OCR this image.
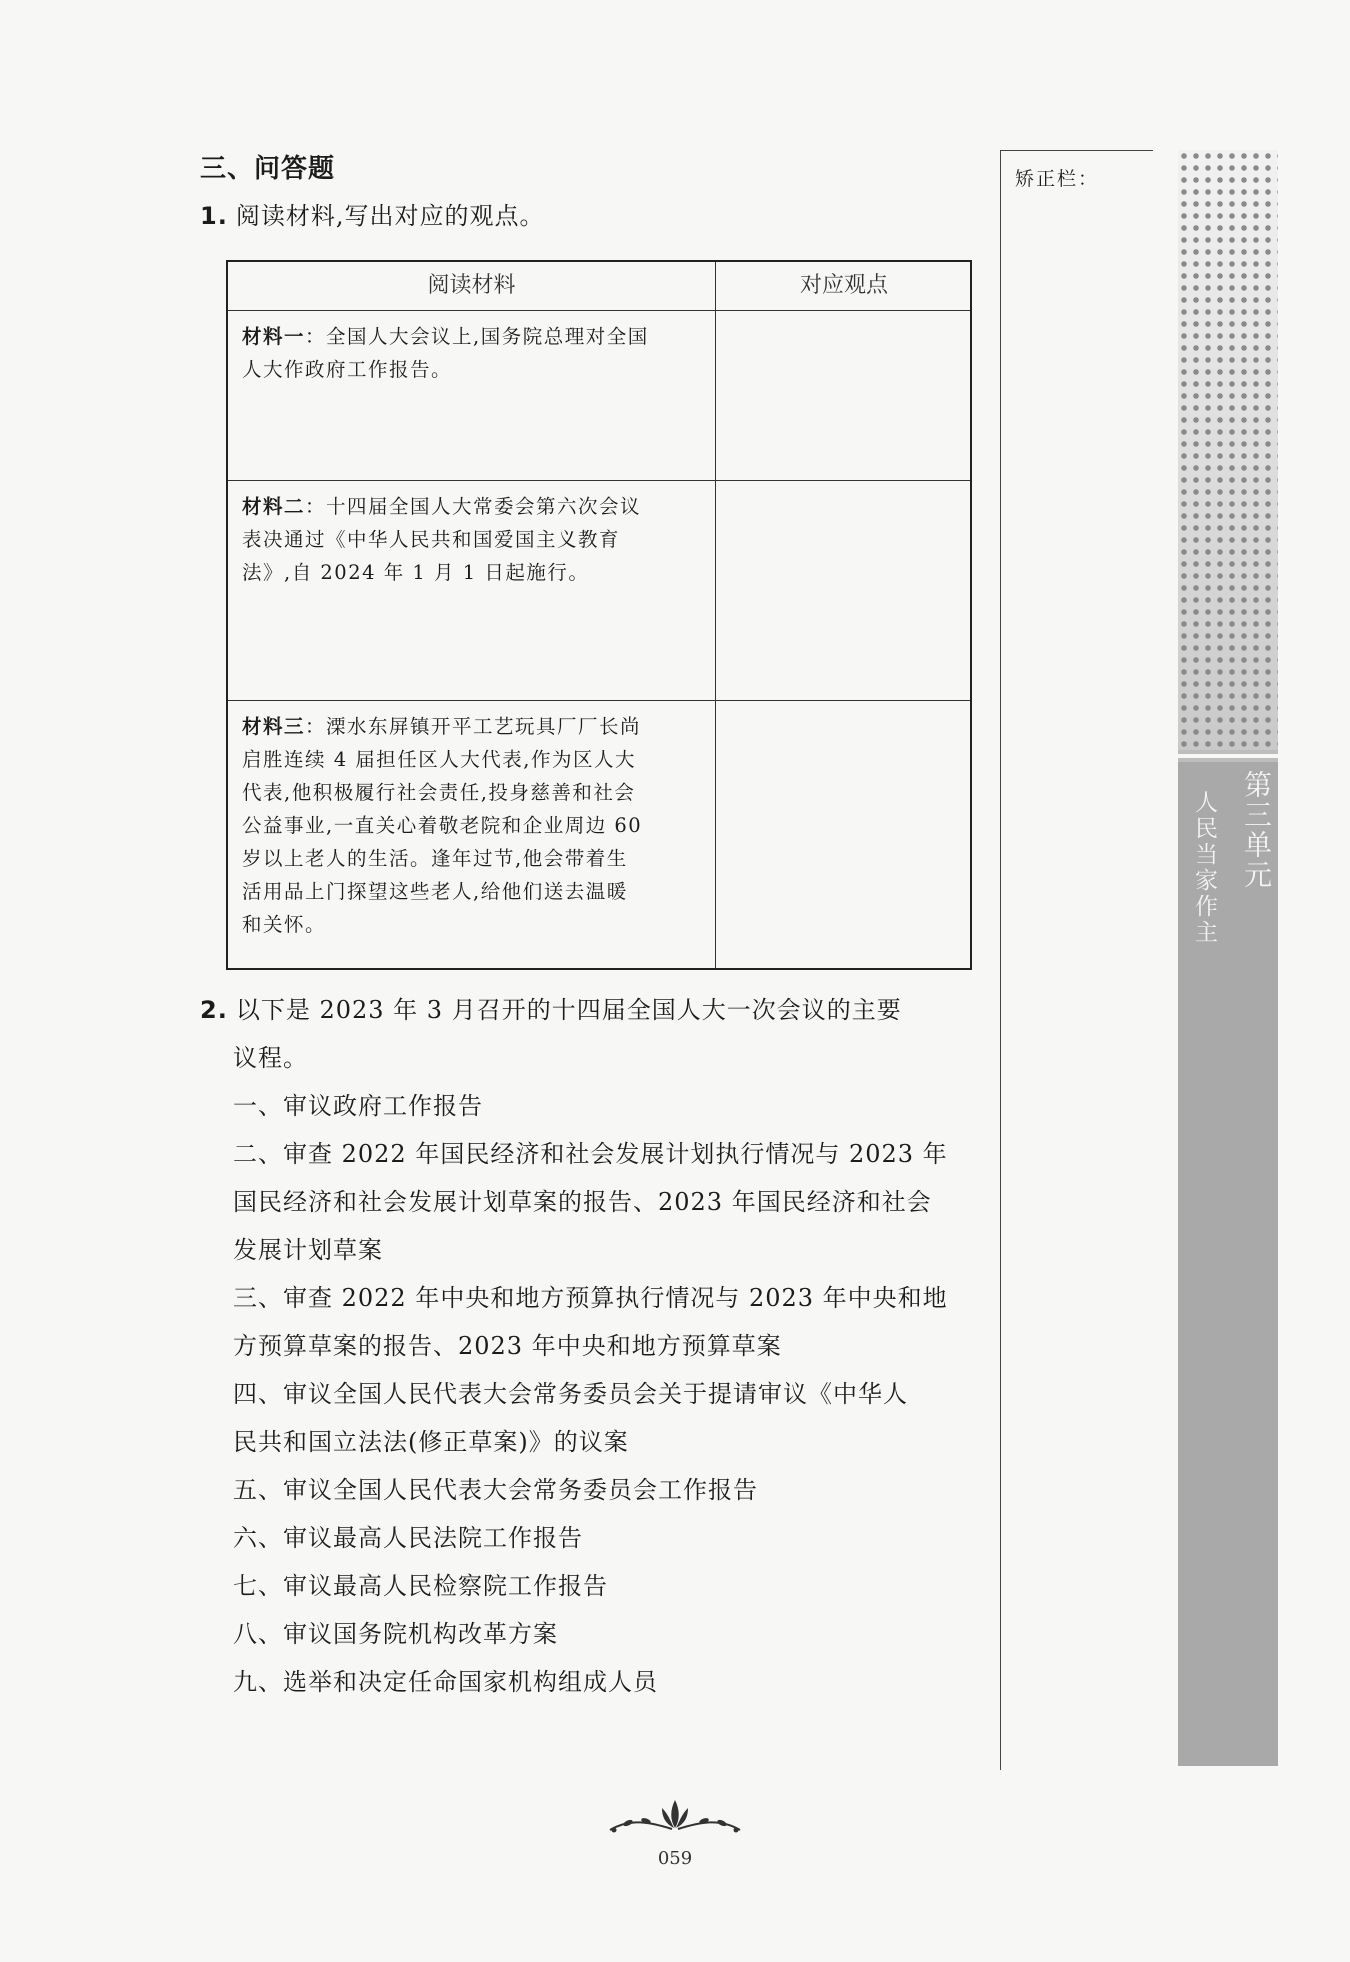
三、问答题
1. 阅读材料,写出对应的观点。
阅读材料	对应观点
材料一：全国人大会议上,国务院总理对全国
人大作政府工作报告。
材料二：十四届全国人大常委会第六次会议
表决通过《中华人民共和国爱国主义教育
法》,自 2024 年 1 月 1 日起施行。
材料三：溧水东屏镇开平工艺玩具厂厂长尚
启胜连续 4 届担任区人大代表,作为区人大
代表,他积极履行社会责任,投身慈善和社会
公益事业,一直关心着敬老院和企业周边 60
岁以上老人的生活。逢年过节,他会带着生
活用品上门探望这些老人,给他们送去温暖
和关怀。
2. 以下是 2023 年 3 月召开的十四届全国人大一次会议的主要
议程。
一、审议政府工作报告
二、审查 2022 年国民经济和社会发展计划执行情况与 2023 年
国民经济和社会发展计划草案的报告、2023 年国民经济和社会
发展计划草案
三、审查 2022 年中央和地方预算执行情况与 2023 年中央和地
方预算草案的报告、2023 年中央和地方预算草案
四、审议全国人民代表大会常务委员会关于提请审议《中华人
民共和国立法法(修正草案)》的议案
五、审议全国人民代表大会常务委员会工作报告
六、审议最高人民法院工作报告
七、审议最高人民检察院工作报告
八、审议国务院机构改革方案
九、选举和决定任命国家机构组成人员
矫正栏：
第三单元
人民当家作主
059
